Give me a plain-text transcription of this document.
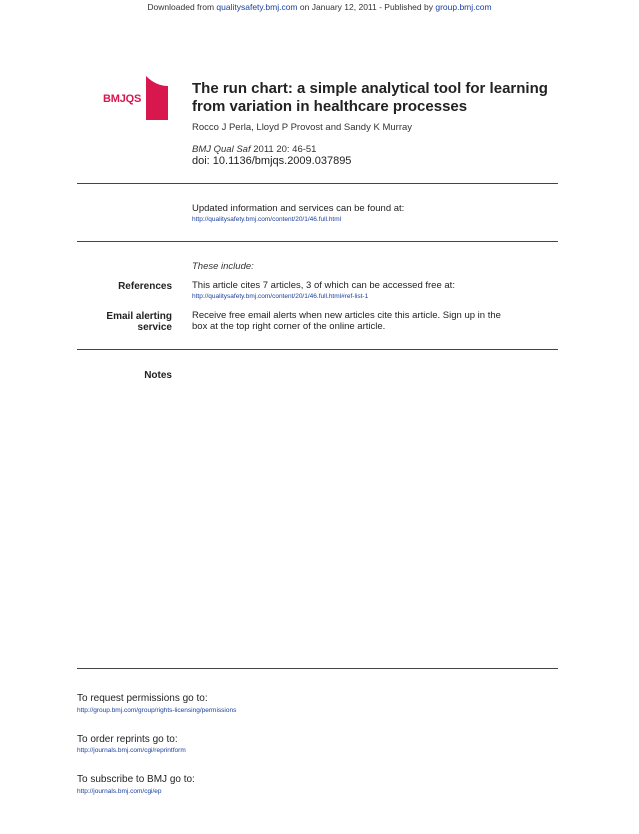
Downloaded from qualitysafety.bmj.com on January 12, 2011 - Published by group.bmj.com
BMJQS
The run chart: a simple analytical tool for learning from variation in healthcare processes
Rocco J Perla, Lloyd P Provost and Sandy K Murray
BMJ Qual Saf 2011 20: 46-51
doi: 10.1136/bmjqs.2009.037895
Updated information and services can be found at:
http://qualitysafety.bmj.com/content/20/1/46.full.html
These include:
References This article cites 7 articles, 3 of which can be accessed free at:
http://qualitysafety.bmj.com/content/20/1/46.full.html#ref-list-1
Email alerting
service
Receive free email alerts when new articles cite this article. Sign up in the
box at the top right corner of the online article.
Notes
To request permissions go to:
http://group.bmj.com/group/rights-licensing/permissions
To order reprints go to:
http://journals.bmj.com/cgi/reprintform
To subscribe to BMJ go to:
http://journals.bmj.com/cgi/ep
